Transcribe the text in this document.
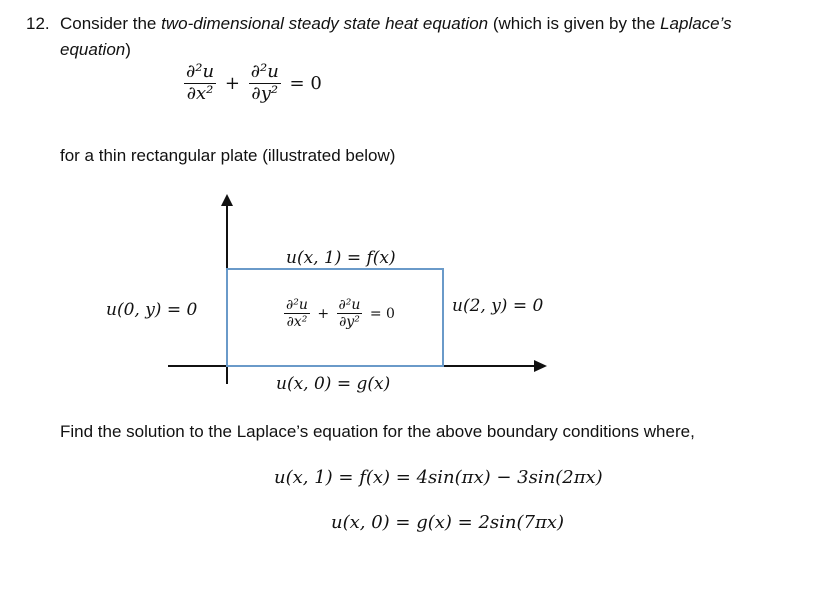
12. Consider the two-dimensional steady state heat equation (which is given by the Laplace’s
equation)
$\frac{\text{∂²u}}{\text{∂x²}} + \frac{\text{∂²u}}{\text{∂y²}} = 0$
for a thin rectangular plate (illustrated below)
u(x, 1) = f(x)
u(0, y) = 0	u(2, y) = 0
u(x, 0) = g(x)
$\frac{\text{∂²u}}{\text{∂x²}} + \frac{\text{∂²u}}{\text{∂y²}} = 0$
Find the solution to the Laplace’s equation for the above boundary conditions where,
u(x, 1) = f(x) = 4sin(πx) − 3sin(2πx)
u(x, 0) = g(x) = 2sin(7πx)
